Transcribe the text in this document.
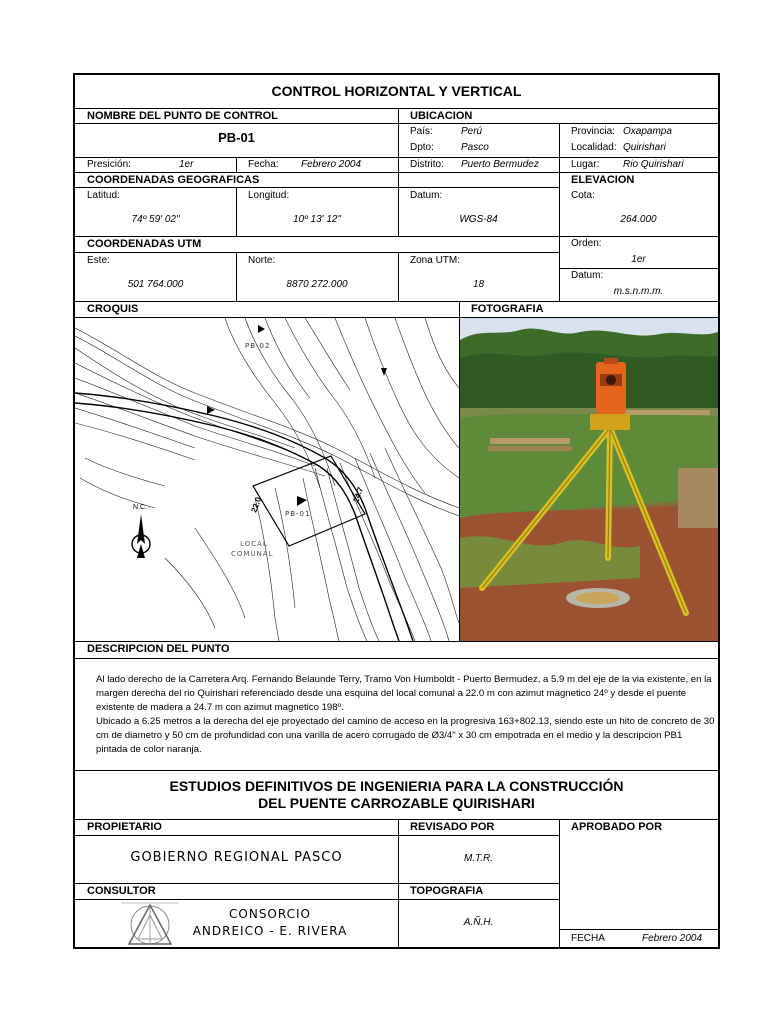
CONTROL HORIZONTAL Y VERTICAL
NOMBRE DEL PUNTO DE CONTROL
PB-01
Presición:	1er	Fecha: Febrero 2004
UBICACION
País:	Perú
Dpto:	Pasco
Distrito: Puerto Bermudez
Provincia: Oxapampa
Localidad: Quirishari
Lugar: Rio Quirishari
COORDENADAS GEOGRAFICAS
Latitud:
74º 59' 02"
Longitud:
10º 13' 12"
Datum:
WGS-84
ELEVACION
Cota:
264.000
Orden:
1er
Datum:
m.s.n.m.m.
COORDENADAS UTM
Este:
501 764.000
Norte:
8870 272.000
Zona UTM:
18
CROQUIS	FOTOGRAFIA
PB-02
PB-01
22.0
24.7
LOCAL
COMUNAL
N.C.
DESCRIPCION DEL PUNTO
Al lado derecho de la Carretera Arq. Fernando Belaunde Terry, Tramo Von Humboldt - Puerto Bermudez, a 5.9 m del eje de la via existente, en la margen derecha del rio Quirishari referenciado desde una esquina del local comunal a 22.0 m con azimut magnetico 24º y desde el puente existente de madera a 24.7 m con azimut magnetico 198º.
Ubicado a 6.25 metros a la derecha del eje proyectado del camino de acceso en la progresiva 163+802.13, siendo este un hito de concreto de 30 cm de diametro y 50 cm de profundidad con una varilla de acero corrugado de Ø3/4" x 30 cm empotrada en el medio y la descripcion PB1 pintada de color naranja.
ESTUDIOS DEFINITIVOS DE INGENIERIA PARA LA CONSTRUCCIÓN
DEL PUENTE CARROZABLE QUIRISHARI
PROPIETARIO
GOBIERNO REGIONAL PASCO
REVISADO POR
M.T.R.
APROBADO POR
FECHA	Febrero 2004
CONSULTOR
CONSORCIO
ANDREICO - E. RIVERA
TOPOGRAFIA
A.Ñ.H.
